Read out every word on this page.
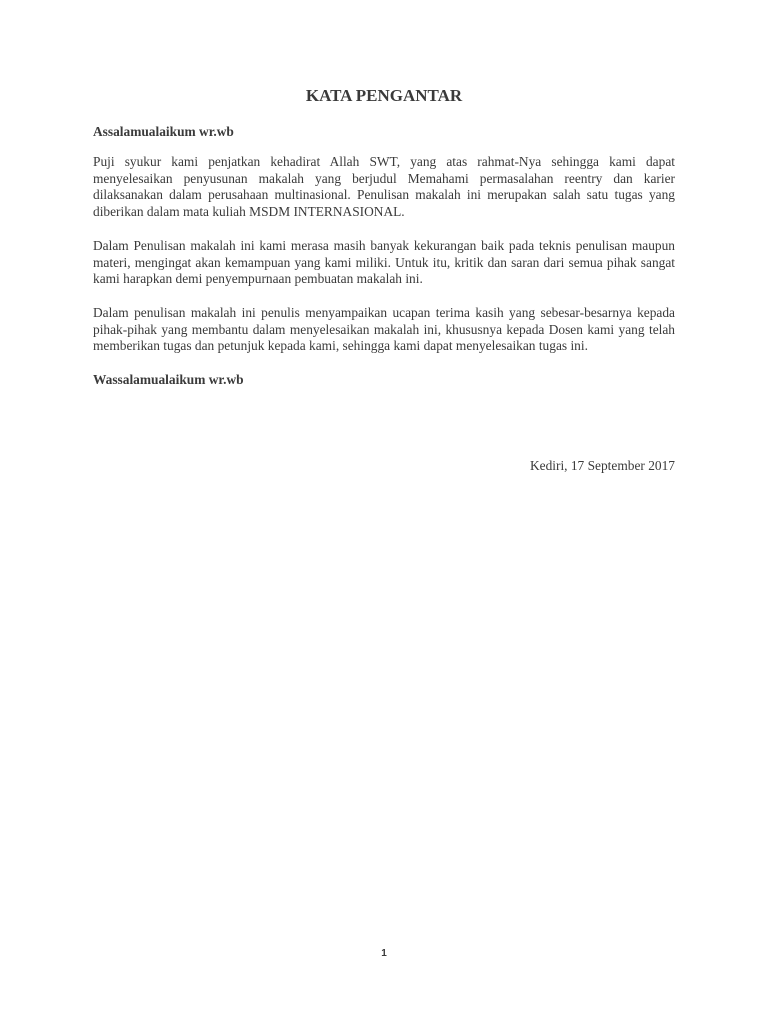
KATA PENGANTAR

Assalamualaikum wr.wb

Puji syukur kami penjatkan kehadirat Allah SWT, yang atas rahmat-Nya sehingga kami dapat menyelesaikan penyusunan makalah yang berjudul Memahami permasalahan reentry dan karier dilaksanakan dalam perusahaan multinasional. Penulisan makalah ini merupakan salah satu tugas yang diberikan dalam mata kuliah MSDM INTERNASIONAL.

Dalam Penulisan makalah ini kami merasa masih banyak kekurangan baik pada teknis penulisan maupun materi, mengingat akan kemampuan yang kami miliki. Untuk itu, kritik dan saran dari semua pihak sangat kami harapkan demi penyempurnaan pembuatan makalah ini.

Dalam penulisan makalah ini penulis menyampaikan ucapan terima kasih yang sebesar-besarnya kepada pihak-pihak yang membantu dalam menyelesaikan makalah ini, khususnya kepada Dosen kami yang telah memberikan tugas dan petunjuk kepada kami, sehingga kami dapat menyelesaikan tugas ini.

Wassalamualaikum wr.wb

Kediri, 17 September 2017
1
